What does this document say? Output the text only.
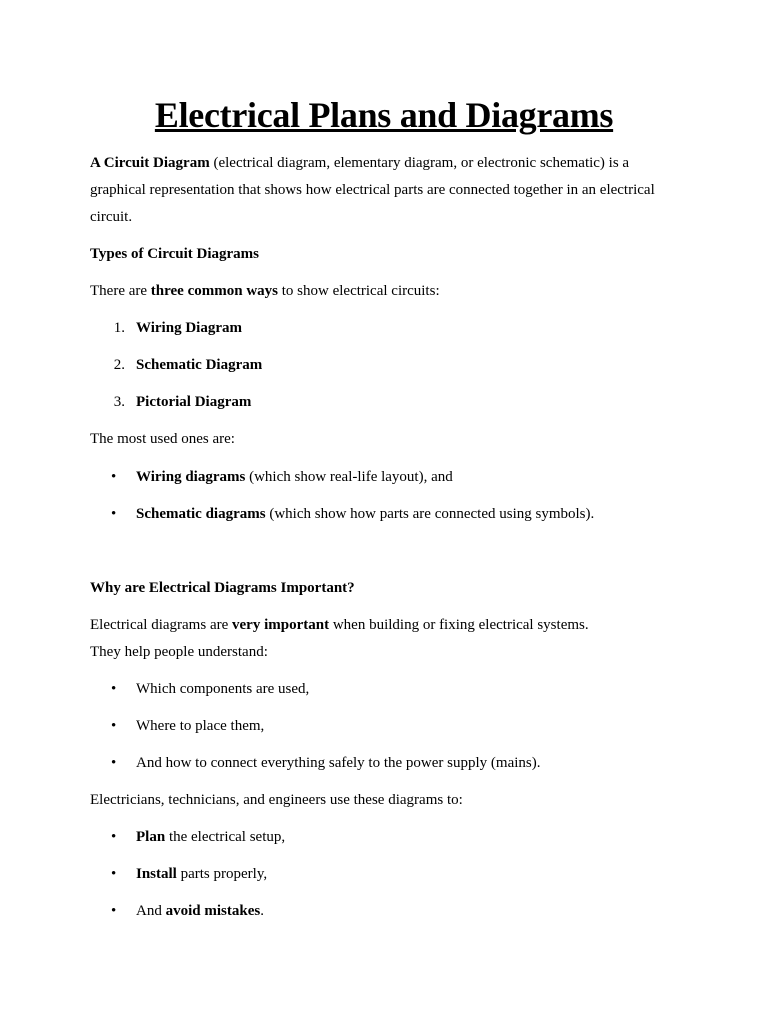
Electrical Plans and Diagrams

A Circuit Diagram (electrical diagram, elementary diagram, or electronic schematic) is a

graphical representation that shows how electrical parts are connected together in an electrical

circuit.

Types of Circuit Diagrams

There are three common ways to show electrical circuits:

1. Wiring Diagram
2. Schematic Diagram
3. Pictorial Diagram

The most used ones are:

• Wiring diagrams (which show real-life layout), and
• Schematic diagrams (which show how parts are connected using symbols).

Why are Electrical Diagrams Important?

Electrical diagrams are very important when building or fixing electrical systems.

They help people understand:

• Which components are used,
• Where to place them,
• And how to connect everything safely to the power supply (mains).

Electricians, technicians, and engineers use these diagrams to:

• Plan the electrical setup,
• Install parts properly,
• And avoid mistakes.
